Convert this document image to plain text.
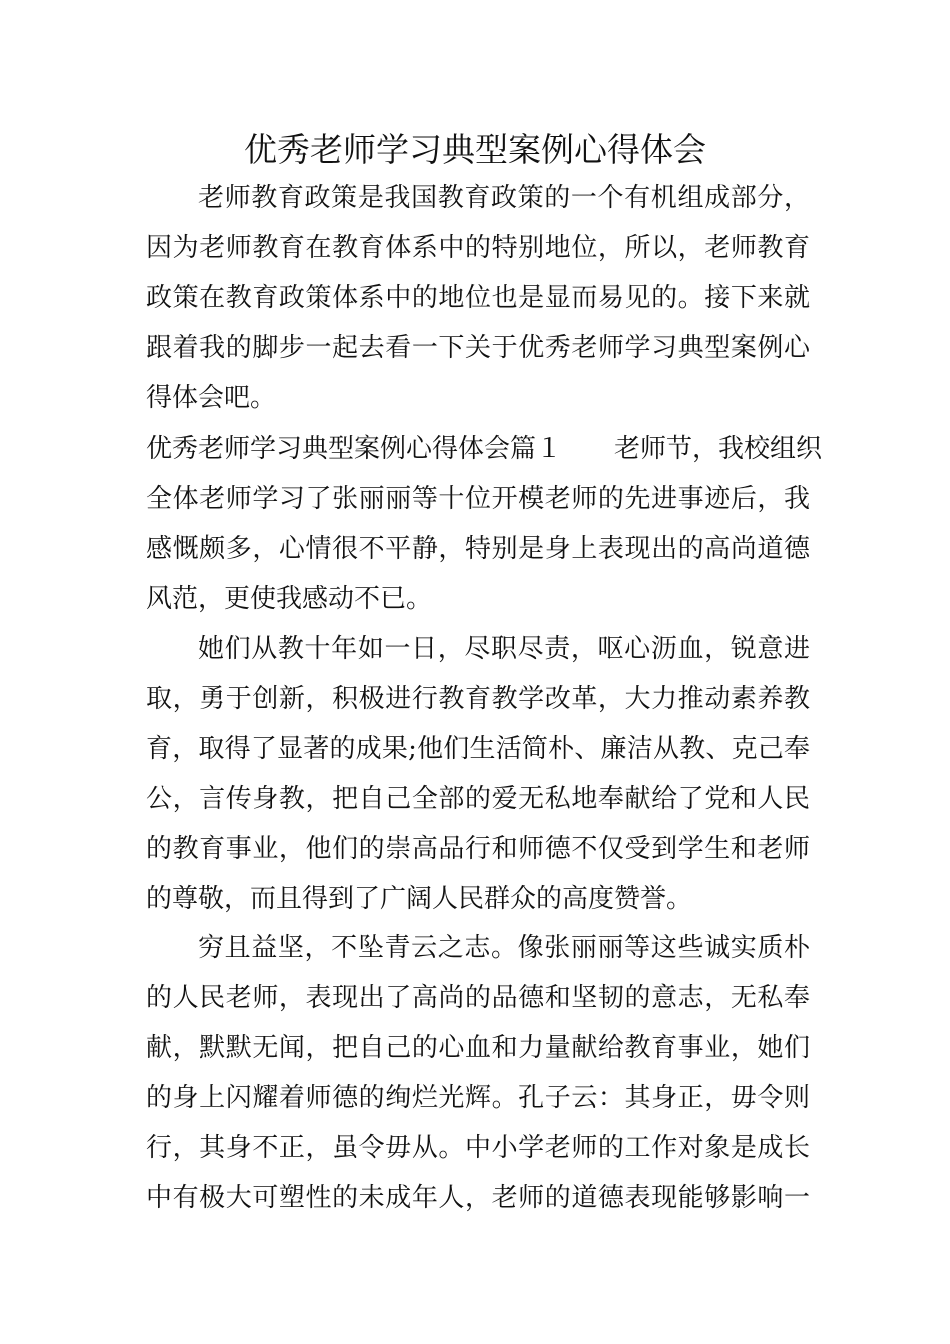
优秀老师学习典型案例心得体会
老师教育政策是我国教育政策的一个有机组成部分，
因为老师教育在教育体系中的特别地位，所以，老师教育
政策在教育政策体系中的地位也是显而易见的。接下来就
跟着我的脚步一起去看一下关于优秀老师学习典型案例心
得体会吧。
优秀老师学习典型案例心得体会篇１ 老师节，我校组织
全体老师学习了张丽丽等十位开模老师的先进事迹后，我
感慨颇多，心情很不平静，特别是身上表现出的高尚道德
风范，更使我感动不已。
她们从教十年如一日，尽职尽责，呕心沥血，锐意进
取，勇于创新，积极进行教育教学改革，大力推动素养教
育，取得了显著的成果;他们生活简朴、廉洁从教、克己奉
公，言传身教，把自己全部的爱无私地奉献给了党和人民
的教育事业，他们的崇高品行和师德不仅受到学生和老师
的尊敬，而且得到了广阔人民群众的高度赞誉。
穷且益坚，不坠青云之志。像张丽丽等这些诚实质朴
的人民老师，表现出了高尚的品德和坚韧的意志，无私奉
献，默默无闻，把自己的心血和力量献给教育事业，她们
的身上闪耀着师德的绚烂光辉。孔子云：其身正，毋令则
行，其身不正，虽令毋从。中小学老师的工作对象是成长
中有极大可塑性的未成年人，老师的道德表现能够影响一
